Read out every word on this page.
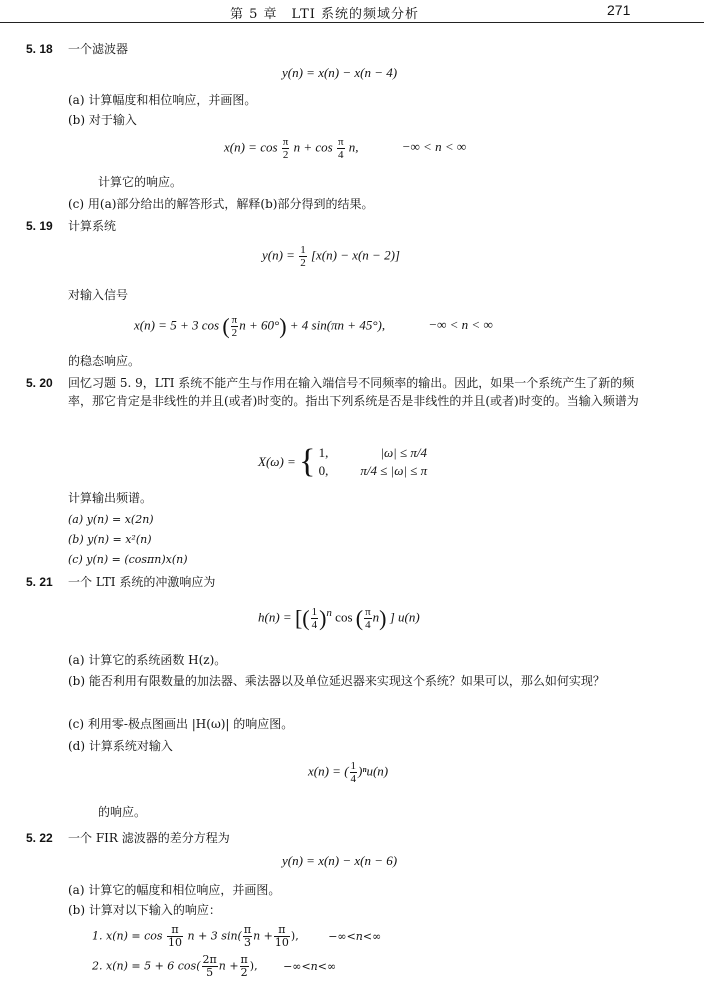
第 5 章　LTI 系统的频域分析	271
5. 18 一个滤波器
y(n) = x(n) − x(n − 4)
(a) 计算幅度和相位响应，并画图。
(b) 对于输入
$x(n) = \cos \frac{\pi}{2}$ $n + \cos \frac{\pi}{4} n$,	−∞ < n < ∞
计算它的响应。
(c) 用(a)部分给出的解答形式，解释(b)部分得到的结果。
5. 19 计算系统
$y(n) = \frac{1}{2} [x(n) - x(n - 2)]$
对输入信号
x(n) = 5 + 3 cos ( $\frac{\pi}{2}$ n + 60°) + 4 sin(πn + 45°),	−∞ < n < ∞
的稳态响应。
5. 20 回忆习题 5. 9，LTI 系统不能产生与作用在输入端信号不同频率的输出。因此，如果一个系统产生了新的频率，那它肯定是非线性的并且(或者)时变的。指出下列系统是否是非线性的并且(或者)时变的。当输入频谱为
X(ω) = { 1,	|ω| ≤ π/4
0, π/4 ≤ |ω| ≤ π
计算输出频谱。
(a) y(n) = x(2n)
(b) y(n) = x²(n)
(c) y(n) = (cosπn)x(n)
5. 21 一个 LTI 系统的冲激响应为
h(n) = [( $\frac{1}{4} )^n$ cos ( $\frac{\pi}{4} n$) ] u(n)
(a) 计算它的系统函数 H(z)。
(b) 能否利用有限数量的加法器、乘法器以及单位延迟器来实现这个系统？如果可以，那么如何实现？
(c) 利用零-极点图画出 |H(ω)| 的响应图。
(d) 计算系统对输入
x(n) = ( $\frac{1}{4} )^nu(n)$
的响应。
5. 22 一个 FIR 滤波器的差分方程为
y(n) = x(n) − x(n − 6)
(a) 计算它的幅度和相位响应，并画图。
(b) 计算对以下输入的响应：
1. $x(n) = \cos \frac{\pi}{10}$ n + 3 $\sin( \frac{\pi}{3}$ $n + \frac{\pi}{10}$ ),	−∞<n<∞
2. x(n) = 5 + 6 $\cos( \frac{2\pi}{5}$ $n + \frac{\pi}{2}$ ), −∞<n<∞
